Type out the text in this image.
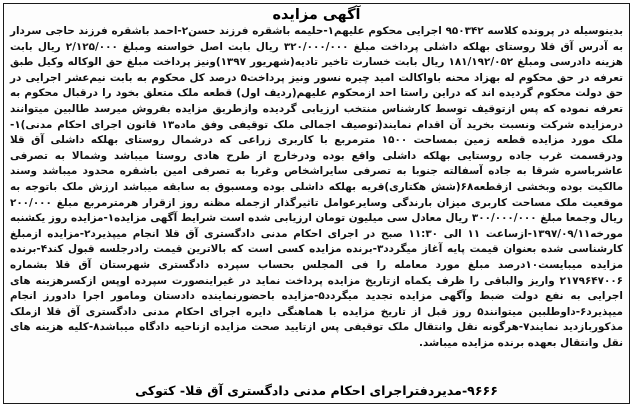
آگهی مزایده

بدینوسیله در پرونده کلاسه ۹۵۰۳۴۲ اجرایی محکوم علیهم۱-حلیمه باشقره فرزند حسن۲-احمد باشقره فرزند حاجی سردار به آدرس آق قلا روستای بهلکه داشلی پرداخت مبلغ ۳۲۰/۰۰۰/۰۰۰ ریال بابت اصل خواسته ومبلغ ۲/۱۲۵/۰۰۰ ریال بابت هزینه دادرسی ومبلغ ۱۸۱/۱۹۲/۰۵۲ ریال بابت خسارت تاخیر تادیه(شهریور ۱۳۹۷)ونیز پرداخت مبلغ حق الوکاله وکیل طبق تعرفه در حق محکوم له بهزاد محنه باواکالت امید چیره نسور ونیز پرداخت۵ درصد کل محکوم به بابت نیم‌عشر اجرایی در حق دولت محکوم گردیده اند که دراین راستا احد ازمحکوم علیهم(ردیف اول) قطعه ملک متعلق بخود را درقبال محکوم به تعرفه نموده که پس ازتوقیف توسط کارشناس منتخب ارزیابی گردیده وازطریق مزایده بفروش میرسد طالبین میتوانند درمزایده شرکت ونسبت بخرید آن اقدام نمایند(توصیف اجمالی ملک توقیفی وفق ماده۱۳ قانون اجرای احکام مدنی)۱-ملک مورد مزایده قطعه زمین بمساحت ۱۵۰۰ مترمربع با کاربری زراعی که درشمال روستای بهلکه داشلی آق قلا ودرقسمت غرب جاده روستایی بهلکه داشلی واقع بوده ودرخارج از طرح هادی روستا میباشد وشمالا به تصرفی عاشرباسره شرقا به جاده آسفالته جنوبا به تصرفی سایراشخاص وغربا به تصرفی امین باشقره محدود میباشد وسند مالکیت بوده وبخشی ازقطعه۶۸(شش هکتاری)قریه بهلکه داشلی بوده ومسبوق به سابقه میباشد ارزش ملک باتوجه به موقعیت ملک مساحت کاربری میزان بارندگی وسایرعوامل تاثیرگذار ازجمله مظنه روز ازقرار هرمترمربع مبلغ ۲۰۰/۰۰۰ ریال وجمعا مبلغ ۳۰۰/۰۰۰/۰۰۰ ریال معادل سی میلیون تومان ارزیابی شده است شرایط آگهی مزایده۱-مزایده روز یکشنبه مورخه۱۳۹۷/۰۹/۱۱-ازساعت ۱۱ الی ۱۱:۳۰ صبح در اجرای احکام مدنی دادگستری آق قلا انجام میپذیرد۲-مزایده ازمبلغ کارشناسی شده بعنوان قیمت پایه آغاز میگردد۳-برنده مزایده کسی است که بالاترین قیمت رادرجلسه قبول کند۴-برنده مزایده میبایست۱۰درصد مبلغ مورد معامله را فی المجلس بحساب سپرده دادگستری شهرستان آق قلا بشماره ۲۱۷۹۶۴۷۰۰۶ واریز والباقی را ظرف یکماه ازتاریخ مزایده پرداخت نماید در غیراینصورت سپرده اوپس ازکسرهزینه های اجرایی به نفع دولت ضبط وآگهی مزایده تجدید میگردد۵-مزایده باحضورنماینده دادستان ومامور اجرا دادورز انجام میپذیرد۶-داوطلبین میتوانند۵ روز قبل از تاریخ مزایده با هماهنگی دایره اجرای احکام مدنی دادگستری آق قلا ازملک مذکوربازدید نمایند۷-هرگونه نقل وانتقال ملک توقیفی پس ازتایید صحت مزایده ازناحیه دادگاه میباشد۸-کلیه هزینه های نقل وانتقال بعهده برنده مزایده میباشد.

۹۶۶۶-مدیردفتراجرای احکام مدنی دادگستری آق قلا- کتوکی
